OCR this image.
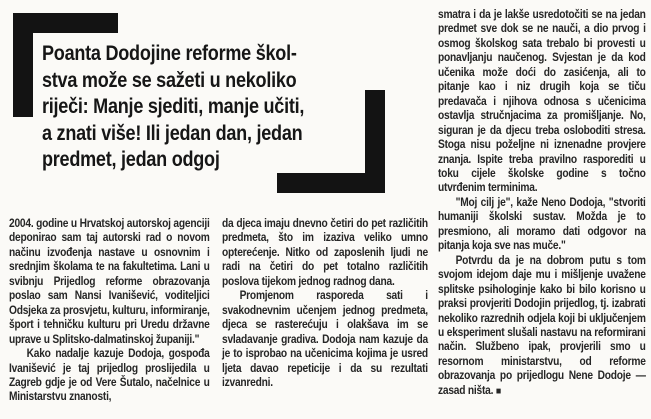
Poanta Dodojine reforme škol-
stva može se sažeti u nekoliko
riječi: Manje sjediti, manje učiti,
a znati više! Ili jedan dan, jedan
predmet, jedan odgoj

2004. godine u Hrvatskoj autorskoj agenciji deponirao sam taj autorski rad o novom načinu izvođenja nastave u osnovnim i srednjim školama te na fakultetima. Lani u svibnju Prijedlog reforme obrazovanja poslao sam Nansi Ivanišević, voditeljici Odsjeka za prosvjetu, kulturu, informiranje, šport i tehničku kulturu pri Uredu državne uprave u Splitsko-dalmatinskoj županiji."

Kako nadalje kazuje Dodoja, gospođa Ivanišević je taj prijedlog proslijedila u Zagreb gdje je od Vere Šutalo, načelnice u Ministarstvu znanosti,

da djeca imaju dnevno četiri do pet različitih predmeta, što im izaziva veliko umno opterećenje. Nitko od zaposlenih ljudi ne radi na četiri do pet totalno različitih poslova tijekom jednog radnog dana.

Promjenom rasporeda sati i svakodnevnim učenjem jednog predmeta, djeca se rasterećuju i olakšava im se svladavanje gradiva. Dodoja nam kazuje da je to isprobao na učenicima kojima je usred ljeta davao repeticije i da su rezultati izvanredni.

smatra i da je lakše usredotočiti se na jedan predmet sve dok se ne nauči, a dio prvog i osmog školskog sata trebalo bi provesti u ponavljanju naučenog. Svjestan je da kod učenika može doći do zasićenja, ali to pitanje kao i niz drugih koja se tiču predavača i njihova odnosa s učenicima ostavlja stručnjacima za promišljanje. No, siguran je da djecu treba osloboditi stresa. Stoga nisu poželjne ni iznenadne provjere znanja. Ispite treba pravilno rasporediti u toku cijele školske godine s točno utvrđenim terminima.

"Moj cilj je", kaže Neno Dodoja, "stvoriti humaniji školski sustav. Možda je to presmiono, ali moramo dati odgovor na pitanja koja sve nas muče."

Potvrdu da je na dobrom putu s tom svojom idejom daje mu i mišljenje uvažene splitske psihologinje kako bi bilo korisno u praksi provjeriti Dodojin prijedlog, tj. izabrati nekoliko razrednih odjela koji bi uključenjem u eksperiment slušali nastavu na reformirani način. Službeno ipak, provjerili smo u resornom ministarstvu, od reforme obrazovanja po prijedlogu Nene Dodoje — zasad ništa. ■
